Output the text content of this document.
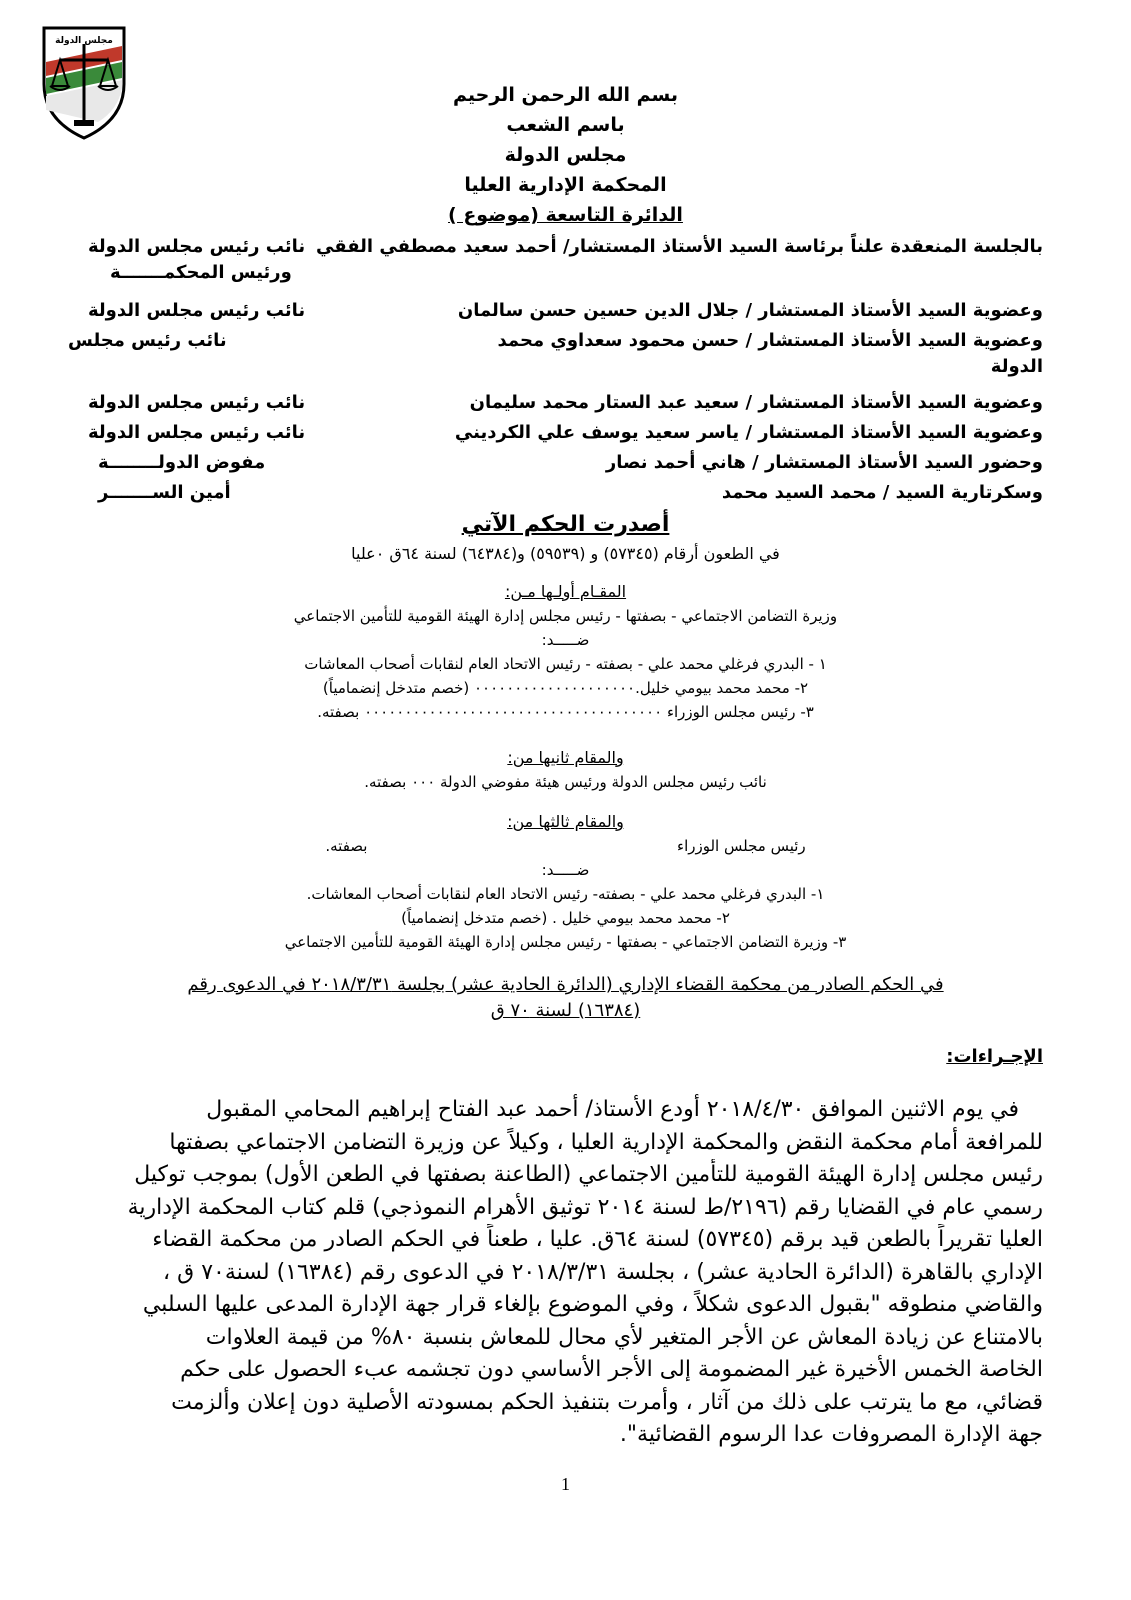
مجلس الدولة
بسم الله الرحمن الرحيم
باسم الشعب
مجلس الدولة
المحكمة الإدارية العليا
الدائرة التاسعة (موضوع )
بالجلسة المنعقدة علناً برئاسة السيد الأستاذ المستشار/ أحمد سعيد مصطفي الفقي
نائب رئيس مجلس الدولة
ورئيس المحكمـــــــة
وعضوية السيد الأستاذ المستشار / جلال الدين حسين حسن سالمان
نائب رئيس مجلس الدولة
وعضوية السيد الأستاذ المستشار / حسن محمود سعداوي محمد
نائب رئيس مجلس
الدولة
وعضوية السيد الأستاذ المستشار / سعيد عبد الستار محمد سليمان
نائب رئيس مجلس الدولة
وعضوية السيد الأستاذ المستشار / ياسر سعيد يوسف علي الكرديني
نائب رئيس مجلس الدولة
وحضور السيد الأستاذ المستشار / هاني أحمد نصار
مفوض الدولــــــــة
وسكرتارية السيد / محمد السيد محمد
أمين الســـــــر
أصدرت الحكم الآتي
في الطعون أرقام (٥٧٣٤٥) و (٥٩٥٣٩) و(٦٤٣٨٤) لسنة ٦٤ق ٠عليا
المقـام أولـها مـن:
وزيرة التضامن الاجتماعي - بصفتها - رئيس مجلس إدارة الهيئة القومية للتأمين الاجتماعي
ضـــــد:
١ - البدري فرغلي محمد علي - بصفته - رئيس الاتحاد العام لنقابات أصحاب المعاشات
٢- محمد محمد بيومي خليل.٠٠٠٠٠٠٠٠٠٠٠٠٠٠٠٠٠٠٠٠ (خصم متدخل إنضمامياً)
٣- رئيس مجلس الوزراء ٠٠٠٠٠٠٠٠٠٠٠٠٠٠٠٠٠٠٠٠٠٠٠٠٠٠٠٠٠٠٠٠٠٠٠٠٠ بصفته.
والمقام ثانيها من:
نائب رئيس مجلس الدولة ورئيس هيئة مفوضي الدولة ٠٠٠ بصفته.
والمقام ثالثها من:
رئيس مجلس الوزراء  بصفته.
ضـــــد:
١- البدري فرغلي محمد علي - بصفته- رئيس الاتحاد العام لنقابات أصحاب المعاشات.
٢- محمد محمد بيومي خليل . (خصم متدخل إنضمامياً)
٣- وزيرة التضامن الاجتماعي - بصفتها - رئيس مجلس إدارة الهيئة القومية للتأمين الاجتماعي
في الحكم الصادر من محكمة القضاء الإداري (الدائرة الحادية عشر) بجلسة ٢٠١٨/٣/٣١ في الدعوى رقم
(١٦٣٨٤) لسنة ٧٠ ق
الإجـراءات:
في يوم الاثنين الموافق ٢٠١٨/٤/٣٠ أودع الأستاذ/ أحمد عبد الفتاح إبراهيم المحامي المقبول
للمرافعة أمام محكمة النقض والمحكمة الإدارية العليا ، وكيلاً عن وزيرة التضامن الاجتماعي بصفتها
رئيس مجلس إدارة الهيئة القومية للتأمين الاجتماعي (الطاعنة بصفتها في الطعن الأول) بموجب توكيل
رسمي عام في القضايا رقم (٢١٩٦/ط لسنة ٢٠١٤ توثيق الأهرام النموذجي) قلم كتاب المحكمة الإدارية
العليا تقريراً بالطعن قيد برقم (٥٧٣٤٥) لسنة ٦٤ق. عليا ، طعناً في الحكم الصادر من محكمة القضاء
الإداري بالقاهرة (الدائرة الحادية عشر) ، بجلسة ٢٠١٨/٣/٣١ في الدعوى رقم (١٦٣٨٤) لسنة٧٠ ق ،
والقاضي منطوقه "بقبول الدعوى شكلاً ، وفي الموضوع بإلغاء قرار جهة الإدارة المدعى عليها السلبي
بالامتناع عن زيادة المعاش عن الأجر المتغير لأي محال للمعاش بنسبة ٨٠% من قيمة العلاوات
الخاصة الخمس الأخيرة غير المضمومة إلى الأجر الأساسي دون تجشمه عبء الحصول على حكم
قضائي، مع ما يترتب على ذلك من آثار ، وأمرت بتنفيذ الحكم بمسودته الأصلية دون إعلان وألزمت
جهة الإدارة المصروفات عدا الرسوم القضائية".
1
